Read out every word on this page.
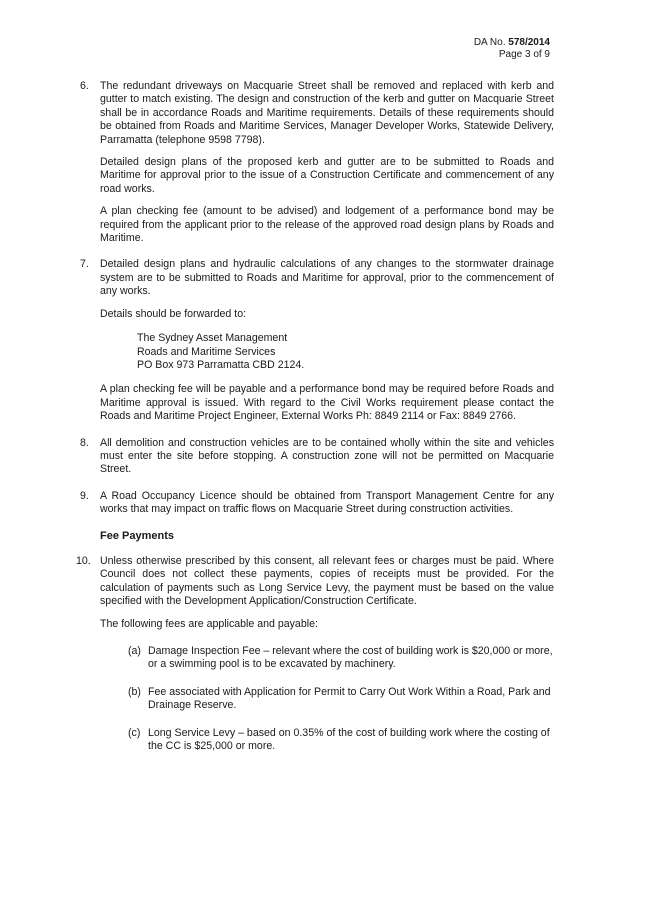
DA No. 578/2014
Page 3 of 9
6. The redundant driveways on Macquarie Street shall be removed and replaced with kerb and gutter to match existing. The design and construction of the kerb and gutter on Macquarie Street shall be in accordance Roads and Maritime requirements. Details of these requirements should be obtained from Roads and Maritime Services, Manager Developer Works, Statewide Delivery, Parramatta (telephone 9598 7798).

Detailed design plans of the proposed kerb and gutter are to be submitted to Roads and Maritime for approval prior to the issue of a Construction Certificate and commencement of any road works.

A plan checking fee (amount to be advised) and lodgement of a performance bond may be required from the applicant prior to the release of the approved road design plans by Roads and Maritime.

7. Detailed design plans and hydraulic calculations of any changes to the stormwater drainage system are to be submitted to Roads and Maritime for approval, prior to the commencement of any works.

Details should be forwarded to:

The Sydney Asset Management
Roads and Maritime Services
PO Box 973 Parramatta CBD 2124.

A plan checking fee will be payable and a performance bond may be required before Roads and Maritime approval is issued. With regard to the Civil Works requirement please contact the Roads and Maritime Project Engineer, External Works Ph: 8849 2114 or Fax: 8849 2766.

8. All demolition and construction vehicles are to be contained wholly within the site and vehicles must enter the site before stopping. A construction zone will not be permitted on Macquarie Street.

9. A Road Occupancy Licence should be obtained from Transport Management Centre for any works that may impact on traffic flows on Macquarie Street during construction activities.

Fee Payments
10. Unless otherwise prescribed by this consent, all relevant fees or charges must be paid. Where Council does not collect these payments, copies of receipts must be provided. For the calculation of payments such as Long Service Levy, the payment must be based on the value specified with the Development Application/Construction Certificate.

The following fees are applicable and payable:

(a) Damage Inspection Fee – relevant where the cost of building work is $20,000 or more, or a swimming pool is to be excavated by machinery.
(b) Fee associated with Application for Permit to Carry Out Work Within a Road, Park and Drainage Reserve.
(c) Long Service Levy – based on 0.35% of the cost of building work where the costing of the CC is $25,000 or more.
